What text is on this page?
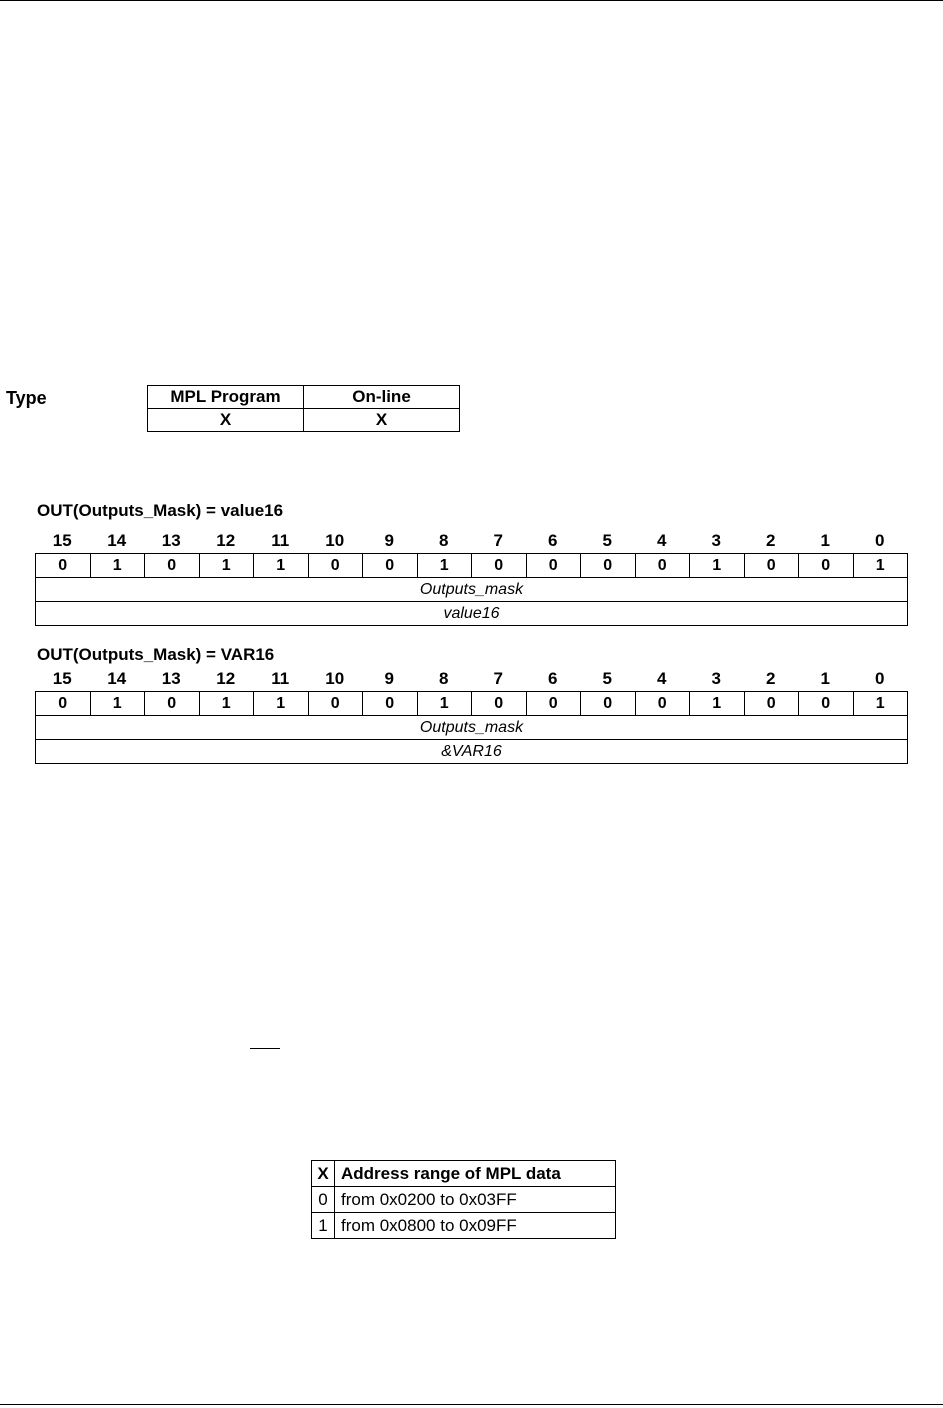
Type	MPL Program	On-line
X	X
OUT(Outputs_Mask) = value16
15	14	13	12	11	10	9	8	7	6	5	4	3	2	1	0
0	1	0	1	1	0	0	1	0	0	0	0	1	0	0	1
Outputs_mask
value16
OUT(Outputs_Mask) = VAR16
15	14	13	12	11	10	9	8	7	6	5	4	3	2	1	0
0	1	0	1	1	0	0	1	0	0	0	0	1	0	0	1
Outputs_mask
&VAR16
X	Address range of MPL data
0	from 0x0200 to 0x03FF
1	from 0x0800 to 0x09FF
